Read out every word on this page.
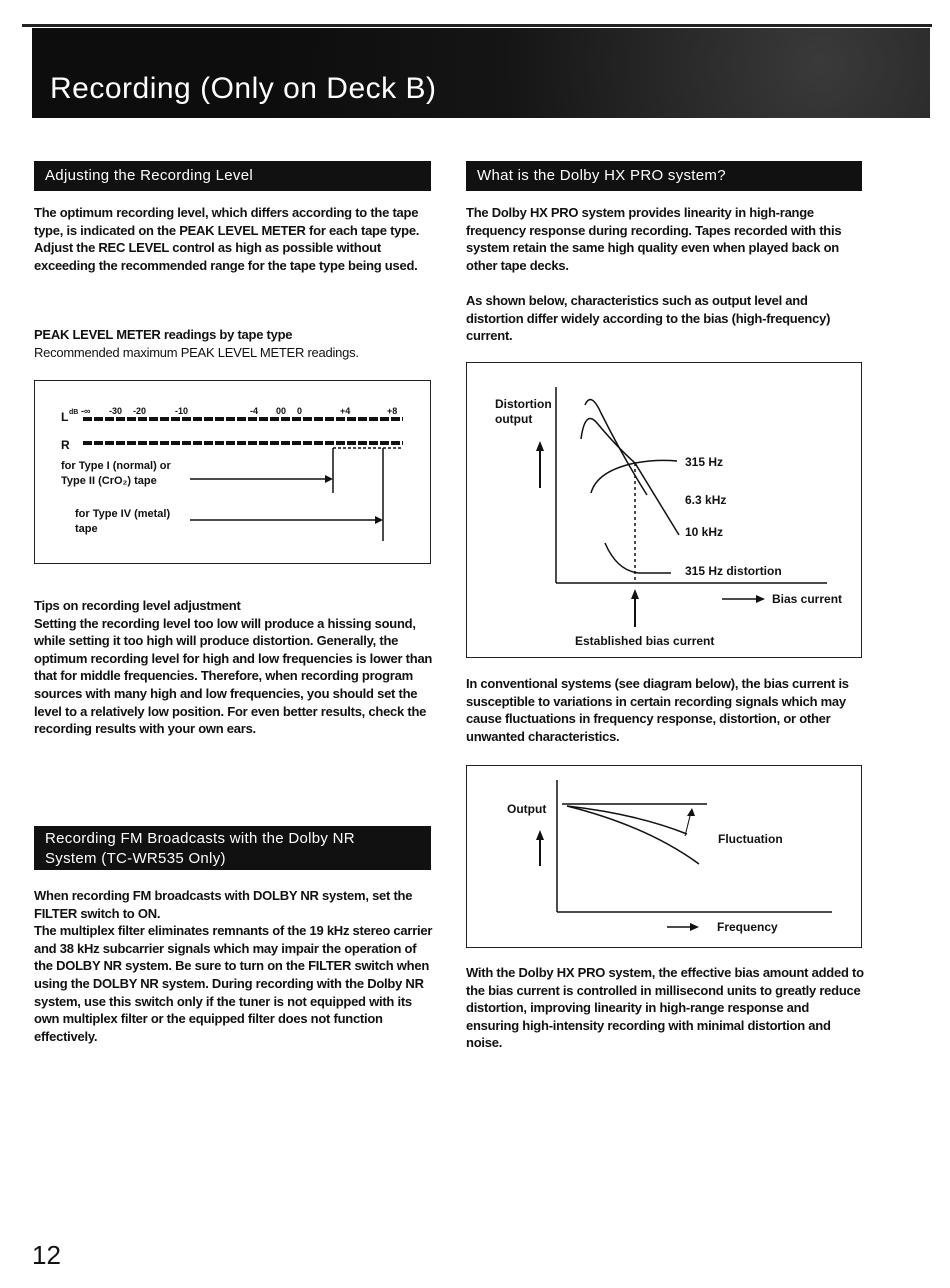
Recording (Only on Deck B)
Adjusting the Recording Level
The optimum recording level, which differs according to the tape type, is indicated on the PEAK LEVEL METER for each tape type.
Adjust the REC LEVEL control as high as possible without exceeding the recommended range for the tape type being used.
PEAK LEVEL METER readings by tape type
Recommended maximum PEAK LEVEL METER readings.
L
R
dB -∞ -30 -20	-10	-4 00 0	+4	+8
for Type I (normal) or Type II (CrO₂) tape
for Type IV (metal) tape
Tips on recording level adjustment
Setting the recording level too low will produce a hissing sound, while setting it too high will produce distortion. Generally, the optimum recording level for high and low frequencies is lower than that for middle frequencies. Therefore, when recording program sources with many high and low frequencies, you should set the level to a relatively low position. For even better results, check the recording results with your own ears.
Recording FM Broadcasts with the Dolby NR
System (TC-WR535 Only)
When recording FM broadcasts with DOLBY NR system, set the FILTER switch to ON.
The multiplex filter eliminates remnants of the 19 kHz stereo carrier and 38 kHz subcarrier signals which may impair the operation of the DOLBY NR system. Be sure to turn on the FILTER switch when using the DOLBY NR system. During recording with the Dolby NR system, use this switch only if the tuner is not equipped with its own multiplex filter or the equipped filter does not function effectively.
What is the Dolby HX PRO system?
The Dolby HX PRO system provides linearity in high-range frequency response during recording. Tapes recorded with this system retain the same high quality even when played back on other tape decks.
As shown below, characteristics such as output level and distortion differ widely according to the bias (high-frequency) current.
Distortion output
315 Hz
6.3 kHz
10 kHz
315 Hz distortion
Bias current
Established bias current
In conventional systems (see diagram below), the bias current is susceptible to variations in certain recording signals which may cause fluctuations in frequency response, distortion, or other unwanted characteristics.
Output
Fluctuation
Frequency
With the Dolby HX PRO system, the effective bias amount added to the bias current is controlled in millisecond units to greatly reduce distortion, improving linearity in high-range response and ensuring high-intensity recording with minimal distortion and noise.
12
